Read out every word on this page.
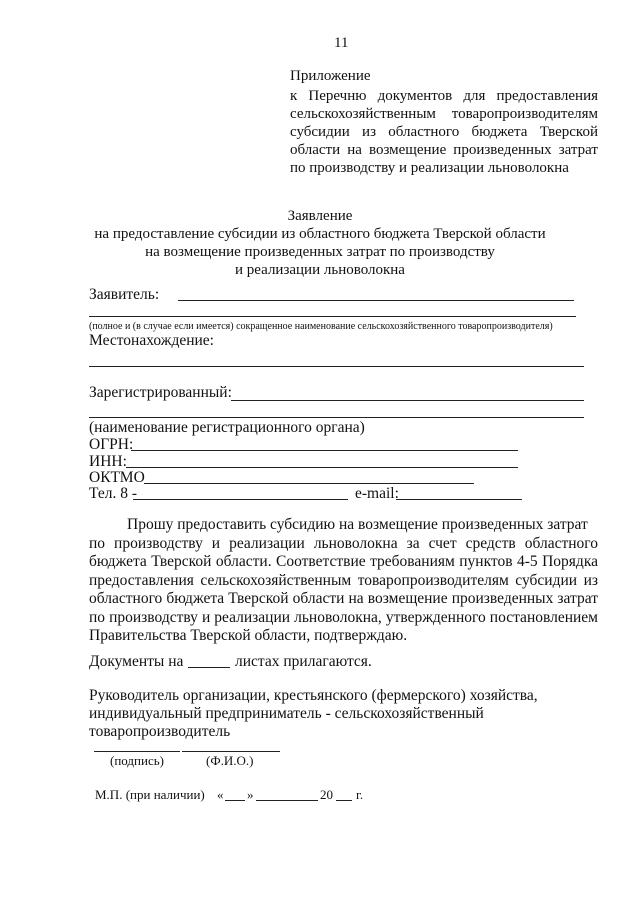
11
Приложение
к Перечню документов для предоставления сельскохозяйственным товаропроизводителям субсидии из областного бюджета Тверской области на возмещение произведенных затрат по производству и реализации льноволокна
Заявление
на предоставление субсидии из областного бюджета Тверской области
на возмещение произведенных затрат по производству
и реализации льноволокна
Заявитель:
(полное и (в случае если имеется) сокращенное наименование сельскохозяйственного товаропроизводителя)
Местонахождение:
Зарегистрированный:
(наименование регистрационного органа)
ОГРН:
ИНН:
ОКТМО
Тел. 8 -	e-mail:
Прошу предоставить субсидию на возмещение произведенных затрат
по производству и реализации льноволокна за счет средств областного бюджета Тверской области. Соответствие требованиям пунктов 4-5 Порядка предоставления сельскохозяйственным товаропроизводителям субсидии из областного бюджета Тверской области на возмещение произведенных затрат по производству и реализации льноволокна, утвержденного постановлением Правительства Тверской области, подтверждаю.
Документы на	листах прилагаются.
Руководитель организации, крестьянского (фермерского) хозяйства,
индивидуальный предприниматель - сельскохозяйственный
товаропроизводитель
(подпись)	(Ф.И.О.)
М.П. (при наличии) « »	20 г.
